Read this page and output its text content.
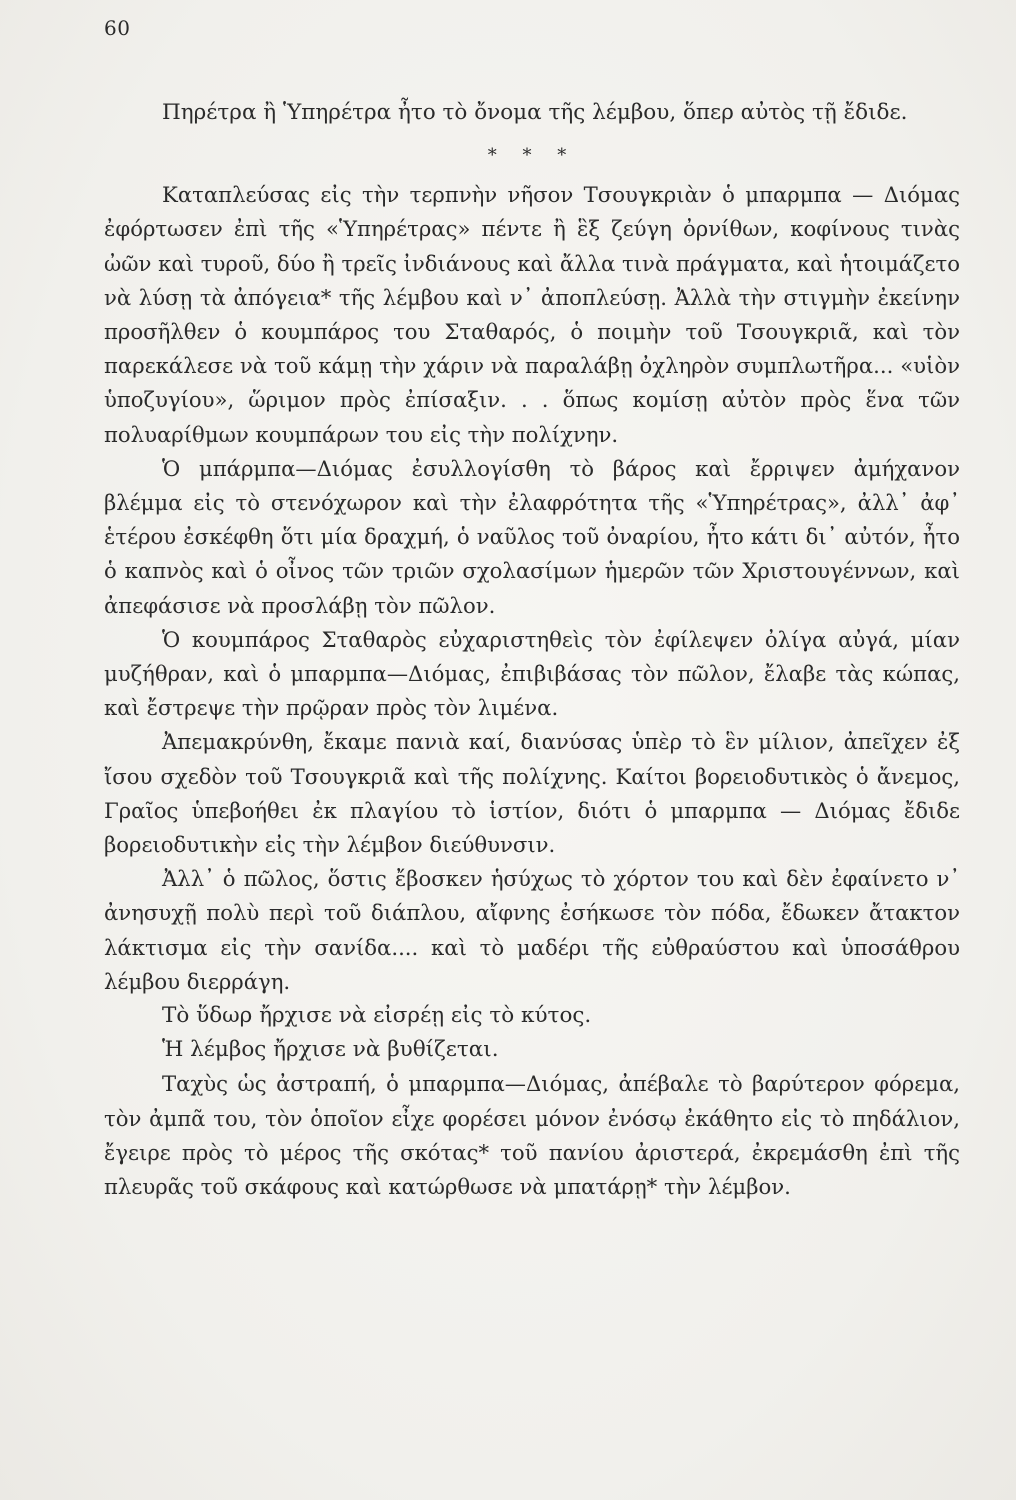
60

Πηρέτρα ἢ Ὑπηρέτρα ἦτο τὸ ὄνομα τῆς λέμβου, ὅπερ αὐτὸς τῇ ἔδιδε.

* * *

Καταπλεύσας εἰς τὴν τερπνὴν νῆσον Τσουγκριὰν ὁ μπαρμπα — Διόμας ἐφόρτωσεν ἐπὶ τῆς «Ὑπηρέτρας» πέντε ἢ ἓξ ζεύγη ὀρνίθων, κοφίνους τινὰς ὠῶν καὶ τυροῦ, δύο ἢ τρεῖς ἰνδιάνους καὶ ἄλλα τινὰ πράγματα, καὶ ἡτοιμάζετο νὰ λύσῃ τὰ ἀπόγεια* τῆς λέμβου καὶ ν᾽ ἀποπλεύσῃ. Ἀλλὰ τὴν στιγμὴν ἐκείνην προσῆλθεν ὁ κουμπάρος του Σταθαρός, ὁ ποιμὴν τοῦ Τσουγκριᾶ, καὶ τὸν παρεκάλεσε νὰ τοῦ κάμῃ τὴν χάριν νὰ παραλάβῃ ὀχληρὸν συμπλωτῆρα... «υἱὸν ὑποζυγίου», ὥριμον πρὸς ἐπίσαξιν. . . ὅπως κομίσῃ αὐτὸν πρὸς ἕνα τῶν πολυαρίθμων κουμπάρων του εἰς τὴν πολίχνην.

Ὁ μπάρμπα—Διόμας ἐσυλλογίσθη τὸ βάρος καὶ ἔρριψεν ἀμήχανον βλέμμα εἰς τὸ στενόχωρον καὶ τὴν ἐλαφρότητα τῆς «Ὑπηρέτρας», ἀλλ᾽ ἀφ᾽ ἑτέρου ἐσκέφθη ὅτι μία δραχμή, ὁ ναῦλος τοῦ ὀναρίου, ἦτο κάτι δι᾽ αὐτόν, ἦτο ὁ καπνὸς καὶ ὁ οἶνος τῶν τριῶν σχολασίμων ἡμερῶν τῶν Χριστουγέννων, καὶ ἀπεφάσισε νὰ προσλάβῃ τὸν πῶλον.

Ὁ κουμπάρος Σταθαρὸς εὐχαριστηθεὶς τὸν ἐφίλεψεν ὀλίγα αὐγά, μίαν μυζήθραν, καὶ ὁ μπαρμπα—Διόμας, ἐπιβιβάσας τὸν πῶλον, ἔλαβε τὰς κώπας, καὶ ἔστρεψε τὴν πρῷραν πρὸς τὸν λιμένα.

Ἀπεμακρύνθη, ἔκαμε πανιὰ καί, διανύσας ὑπὲρ τὸ ἓν μίλιον, ἀπεῖχεν ἐξ ἴσου σχεδὸν τοῦ Τσουγκριᾶ καὶ τῆς πολίχνης. Καίτοι βορειοδυτικὸς ὁ ἄνεμος, Γραῖος ὑπεβοήθει ἐκ πλαγίου τὸ ἱστίον, διότι ὁ μπαρμπα — Διόμας ἔδιδε βορειοδυτικὴν εἰς τὴν λέμβον διεύθυνσιν.

Ἀλλ᾽ ὁ πῶλος, ὅστις ἔβοσκεν ἡσύχως τὸ χόρτον του καὶ δὲν ἐφαίνετο ν᾽ ἀνησυχῇ πολὺ περὶ τοῦ διάπλου, αἴφνης ἐσήκωσε τὸν πόδα, ἔδωκεν ἄτακτον λάκτισμα εἰς τὴν σανίδα.... καὶ τὸ μαδέρι τῆς εὐθραύστου καὶ ὑποσάθρου λέμβου διερράγη.

Τὸ ὕδωρ ἤρχισε νὰ εἰσρέῃ εἰς τὸ κύτος.

Ἡ λέμβος ἤρχισε νὰ βυθίζεται.

Ταχὺς ὡς ἀστραπή, ὁ μπαρμπα—Διόμας, ἀπέβαλε τὸ βαρύτερον φόρεμα, τὸν ἀμπᾶ του, τὸν ὁποῖον εἶχε φορέσει μόνον ἐνόσῳ ἐκάθητο εἰς τὸ πηδάλιον, ἔγειρε πρὸς τὸ μέρος τῆς σκότας* τοῦ πανίου ἀριστερά, ἐκρεμάσθη ἐπὶ τῆς πλευρᾶς τοῦ σκάφους καὶ κατώρθωσε νὰ μπατάρῃ* τὴν λέμβον.
